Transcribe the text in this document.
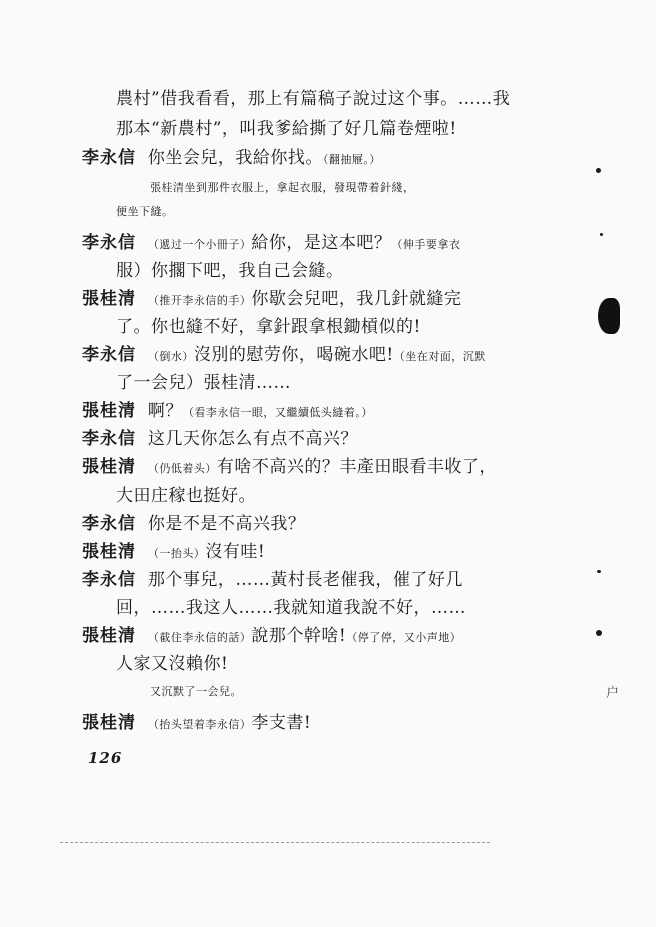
農村”借我看看，那上有篇稿子說过这个事。……我
那本“新農村”，叫我爹給撕了好几篇卷煙啦!
李永信 你坐会兒，我給你找。（翻抽屜。）
張桂清坐到那件衣服上，拿起衣服，發現帶着針綫，
便坐下縫。
李永信 （遞过一个小冊子）給你，是这本吧？（伸手要拿衣
服）你擱下吧，我自己会縫。
張桂清 （推开李永信的手）你歇会兒吧，我几針就縫完
了。你也縫不好，拿針跟拿根鋤槓似的!
李永信 （倒水）沒別的慰劳你，喝碗水吧!（坐在对面，沉默
了一会兒）張桂清……
張桂清 啊？（看李永信一眼，又繼續低头縫着。）
李永信 这几天你怎么有点不高兴？
張桂清 （仍低着头）有啥不高兴的？丰產田眼看丰收了，
大田庄稼也挺好。
李永信 你是不是不高兴我？
張桂清 （一抬头）沒有哇!
李永信 那个事兒，……黃村長老催我，催了好几
回，……我这人……我就知道我說不好，……
張桂清 （截住李永信的話）說那个幹啥!（停了停，又小声地）
人家又沒賴你!
又沉默了一会兒。
張桂清 （抬头望着李永信）李支書!
126
户
